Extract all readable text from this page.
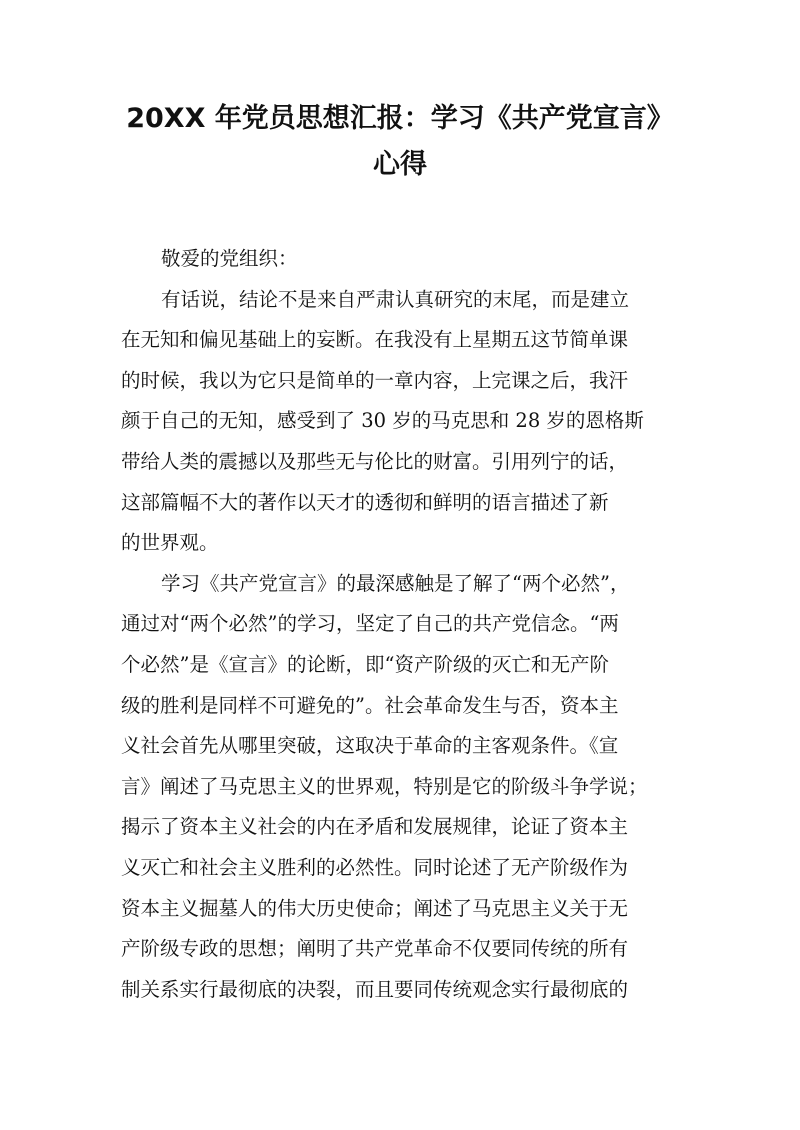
20XX 年党员思想汇报：学习《共产党宣言》
心得
敬爱的党组织：
有话说，结论不是来自严肃认真研究的末尾，而是建立
在无知和偏见基础上的妄断。在我没有上星期五这节简单课
的时候，我以为它只是简单的一章内容，上完课之后，我汗
颜于自己的无知，感受到了 30 岁的马克思和 28 岁的恩格斯
带给人类的震撼以及那些无与伦比的财富。引用列宁的话，
这部篇幅不大的著作以天才的透彻和鲜明的语言描述了新
的世界观。
学习《共产党宣言》的最深感触是了解了“两个必然”，
通过对“两个必然”的学习，坚定了自己的共产党信念。“两
个必然”是《宣言》的论断，即“资产阶级的灭亡和无产阶
级的胜利是同样不可避免的”。社会革命发生与否，资本主
义社会首先从哪里突破，这取决于革命的主客观条件。《宣
言》阐述了马克思主义的世界观，特别是它的阶级斗争学说；
揭示了资本主义社会的内在矛盾和发展规律，论证了资本主
义灭亡和社会主义胜利的必然性。同时论述了无产阶级作为
资本主义掘墓人的伟大历史使命；阐述了马克思主义关于无
产阶级专政的思想；阐明了共产党革命不仅要同传统的所有
制关系实行最彻底的决裂，而且要同传统观念实行最彻底的
